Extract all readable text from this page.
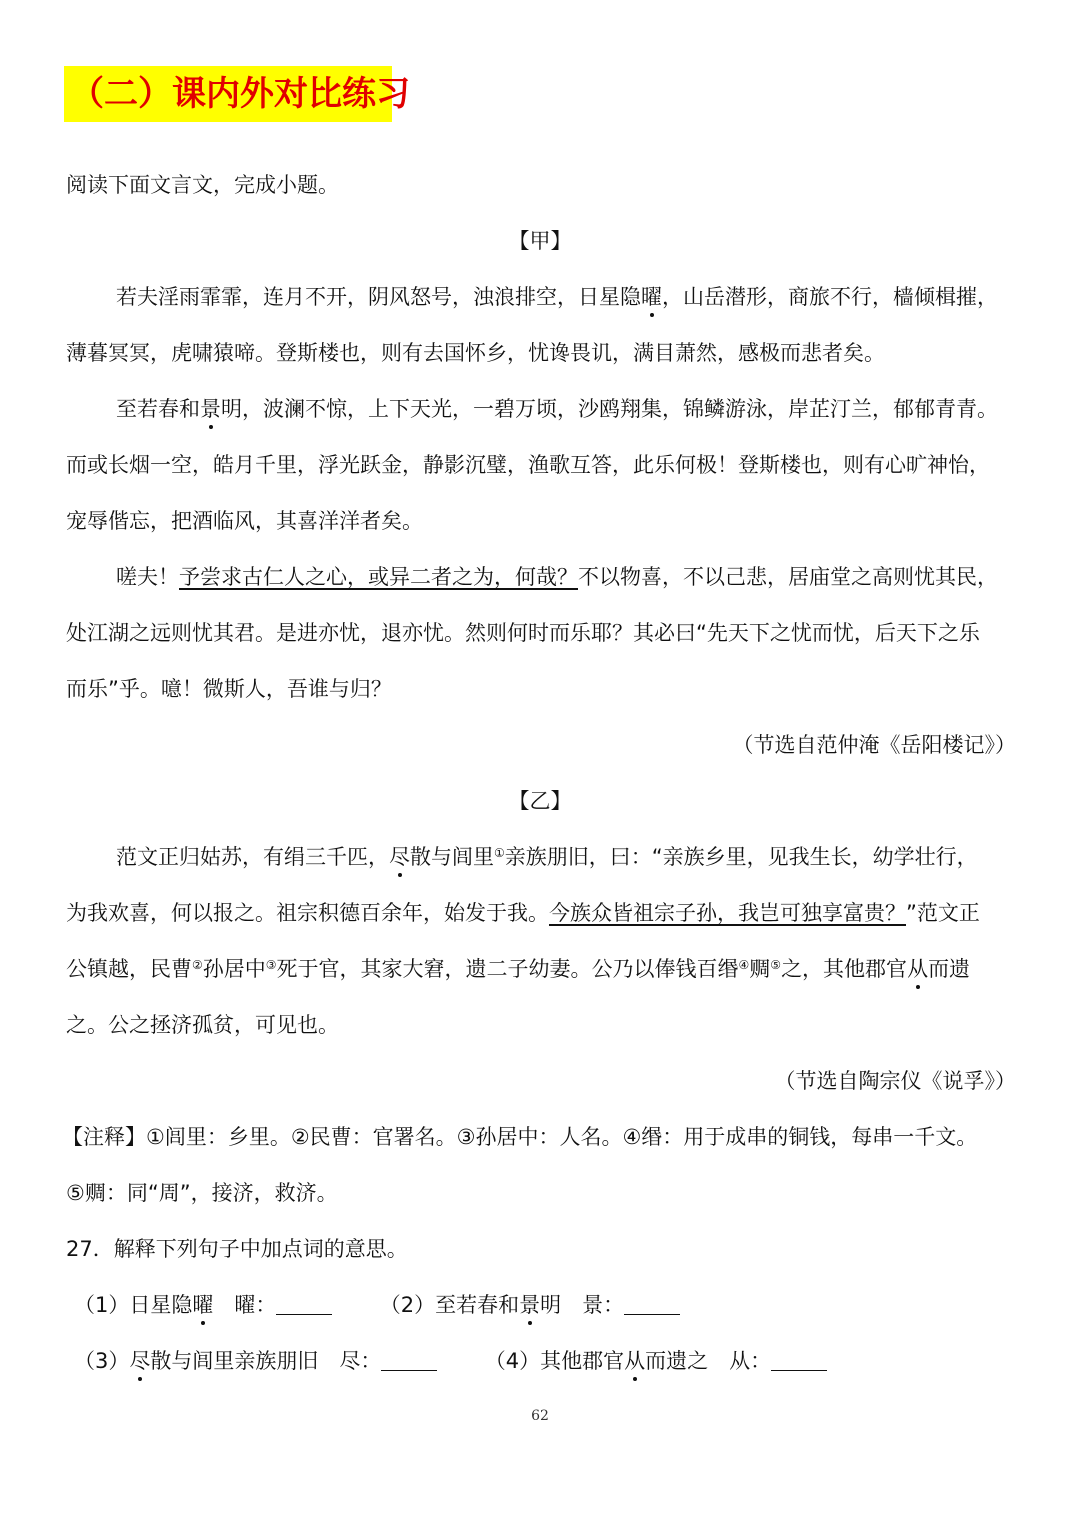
（二）课内外对比练习
阅读下面文言文，完成小题。
【甲】
若夫淫雨霏霏，连月不开，阴风怒号，浊浪排空，日星隐曜，山岳潜形，商旅不行，樯倾楫摧，
薄暮冥冥，虎啸猿啼。登斯楼也，则有去国怀乡，忧谗畏讥，满目萧然，感极而悲者矣。
至若春和景明，波澜不惊，上下天光，一碧万顷，沙鸥翔集，锦鳞游泳，岸芷汀兰，郁郁青青。
而或长烟一空，皓月千里，浮光跃金，静影沉璧，渔歌互答，此乐何极！登斯楼也，则有心旷神怡，
宠辱偕忘，把酒临风，其喜洋洋者矣。
嗟夫！予尝求古仁人之心，或异二者之为，何哉？不以物喜，不以己悲，居庙堂之高则忧其民，
处江湖之远则忧其君。是进亦忧，退亦忧。然则何时而乐耶？其必曰“先天下之忧而忧，后天下之乐
而乐”乎。噫！微斯人，吾谁与归？
（节选自范仲淹《岳阳楼记》）
【乙】
范文正归姑苏，有绢三千匹，尽散与闾里①亲族朋旧，曰：“亲族乡里，见我生长，幼学壮行，
为我欢喜，何以报之。祖宗积德百余年，始发于我。今族众皆祖宗子孙，我岂可独享富贵？”范文正
公镇越，民曹②孙居中③死于官，其家大窘，遗二子幼妻。公乃以俸钱百缗④赒⑤之，其他郡官从而遗
之。公之拯济孤贫，可见也。
（节选自陶宗仪《说孚》）
【注释】①闾里：乡里。②民曹：官署名。③孙居中：人名。④缗：用于成串的铜钱，每串一千文。
⑤赒：同“周”，接济，救济。
27．解释下列句子中加点词的意思。
（1）日星隐曜　曜：	（2）至若春和景明　景：
（3）尽散与闾里亲族朋旧　尽：	（4）其他郡官从而遗之　从：
62
